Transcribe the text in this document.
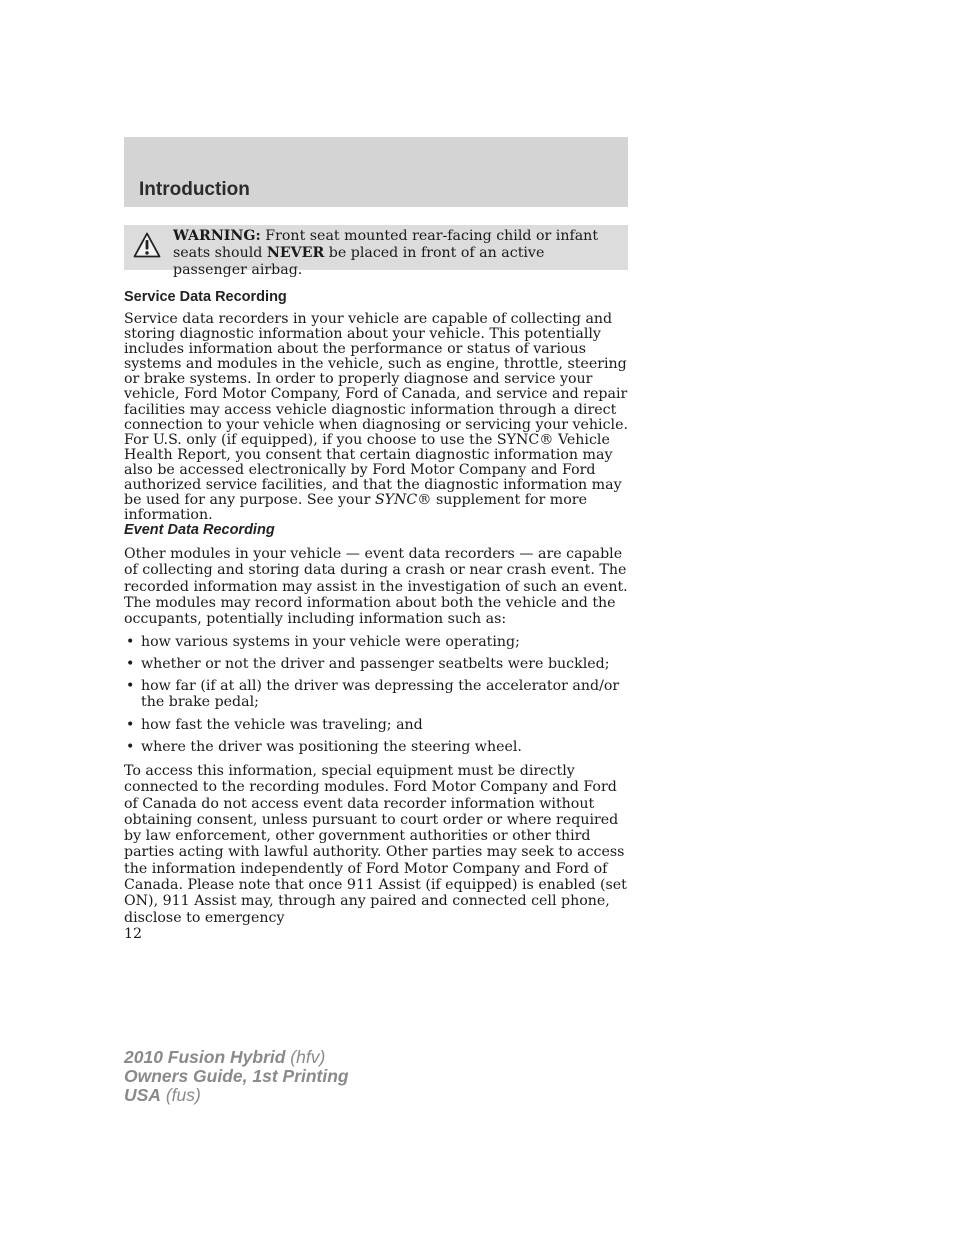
Introduction
WARNING: Front seat mounted rear-facing child or infant seats should NEVER be placed in front of an active passenger airbag.
Service Data Recording

Service data recorders in your vehicle are capable of collecting and storing diagnostic information about your vehicle. This potentially includes information about the performance or status of various systems and modules in the vehicle, such as engine, throttle, steering or brake systems. In order to properly diagnose and service your vehicle, Ford Motor Company, Ford of Canada, and service and repair facilities may access vehicle diagnostic information through a direct connection to your vehicle when diagnosing or servicing your vehicle. For U.S. only (if equipped), if you choose to use the SYNC® Vehicle Health Report, you consent that certain diagnostic information may also be accessed electronically by Ford Motor Company and Ford authorized service facilities, and that the diagnostic information may be used for any purpose. See your SYNC® supplement for more information.

Event Data Recording

Other modules in your vehicle — event data recorders — are capable of collecting and storing data during a crash or near crash event. The recorded information may assist in the investigation of such an event. The modules may record information about both the vehicle and the occupants, potentially including information such as:

• how various systems in your vehicle were operating;
• whether or not the driver and passenger seatbelts were buckled;
• how far (if at all) the driver was depressing the accelerator and/or the brake pedal;
• how fast the vehicle was traveling; and
• where the driver was positioning the steering wheel.

To access this information, special equipment must be directly connected to the recording modules. Ford Motor Company and Ford of Canada do not access event data recorder information without obtaining consent, unless pursuant to court order or where required by law enforcement, other government authorities or other third parties acting with lawful authority. Other parties may seek to access the information independently of Ford Motor Company and Ford of Canada. Please note that once 911 Assist (if equipped) is enabled (set ON), 911 Assist may, through any paired and connected cell phone, disclose to emergency

12
2010 Fusion Hybrid (hfv)
Owners Guide, 1st Printing
USA (fus)
